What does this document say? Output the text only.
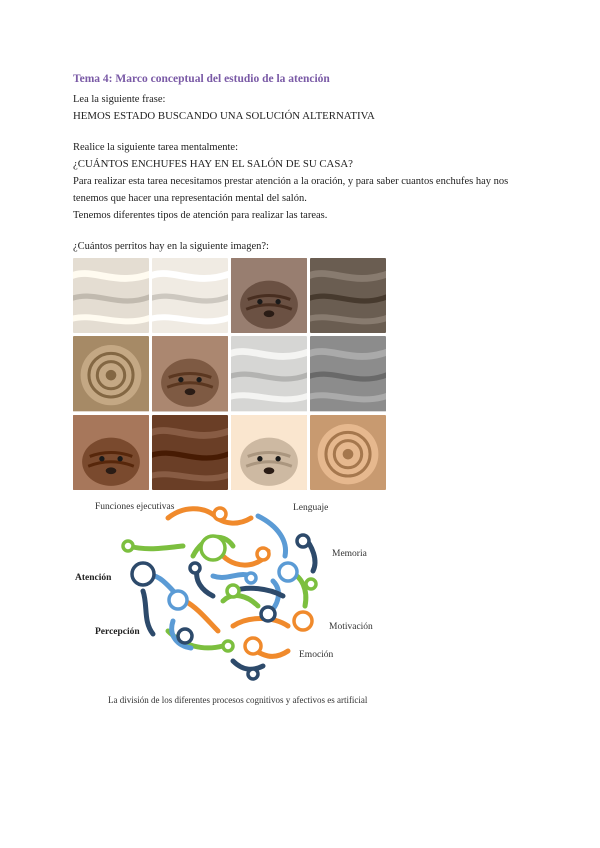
Tema 4: Marco conceptual del estudio de la atención
Lea la siguiente frase:
HEMOS ESTADO BUSCANDO UNA SOLUCIÓN ALTERNATIVA
Realice la siguiente tarea mentalmente:
¿CUÁNTOS ENCHUFES HAY EN EL SALÓN DE SU CASA?
Para realizar esta tarea necesitamos prestar atención a la oración, y para saber cuantos enchufes hay nos
tenemos que hacer una representación mental del salón.
Tenemos diferentes tipos de atención para realizar las tareas.
¿Cuántos perritos hay en la siguiente imagen?:
Funciones ejecutivas	Lenguaje
Memoria
Atención
Motivación
Percepción
Emoción
La división de los diferentes procesos cognitivos y afectivos es artificial
